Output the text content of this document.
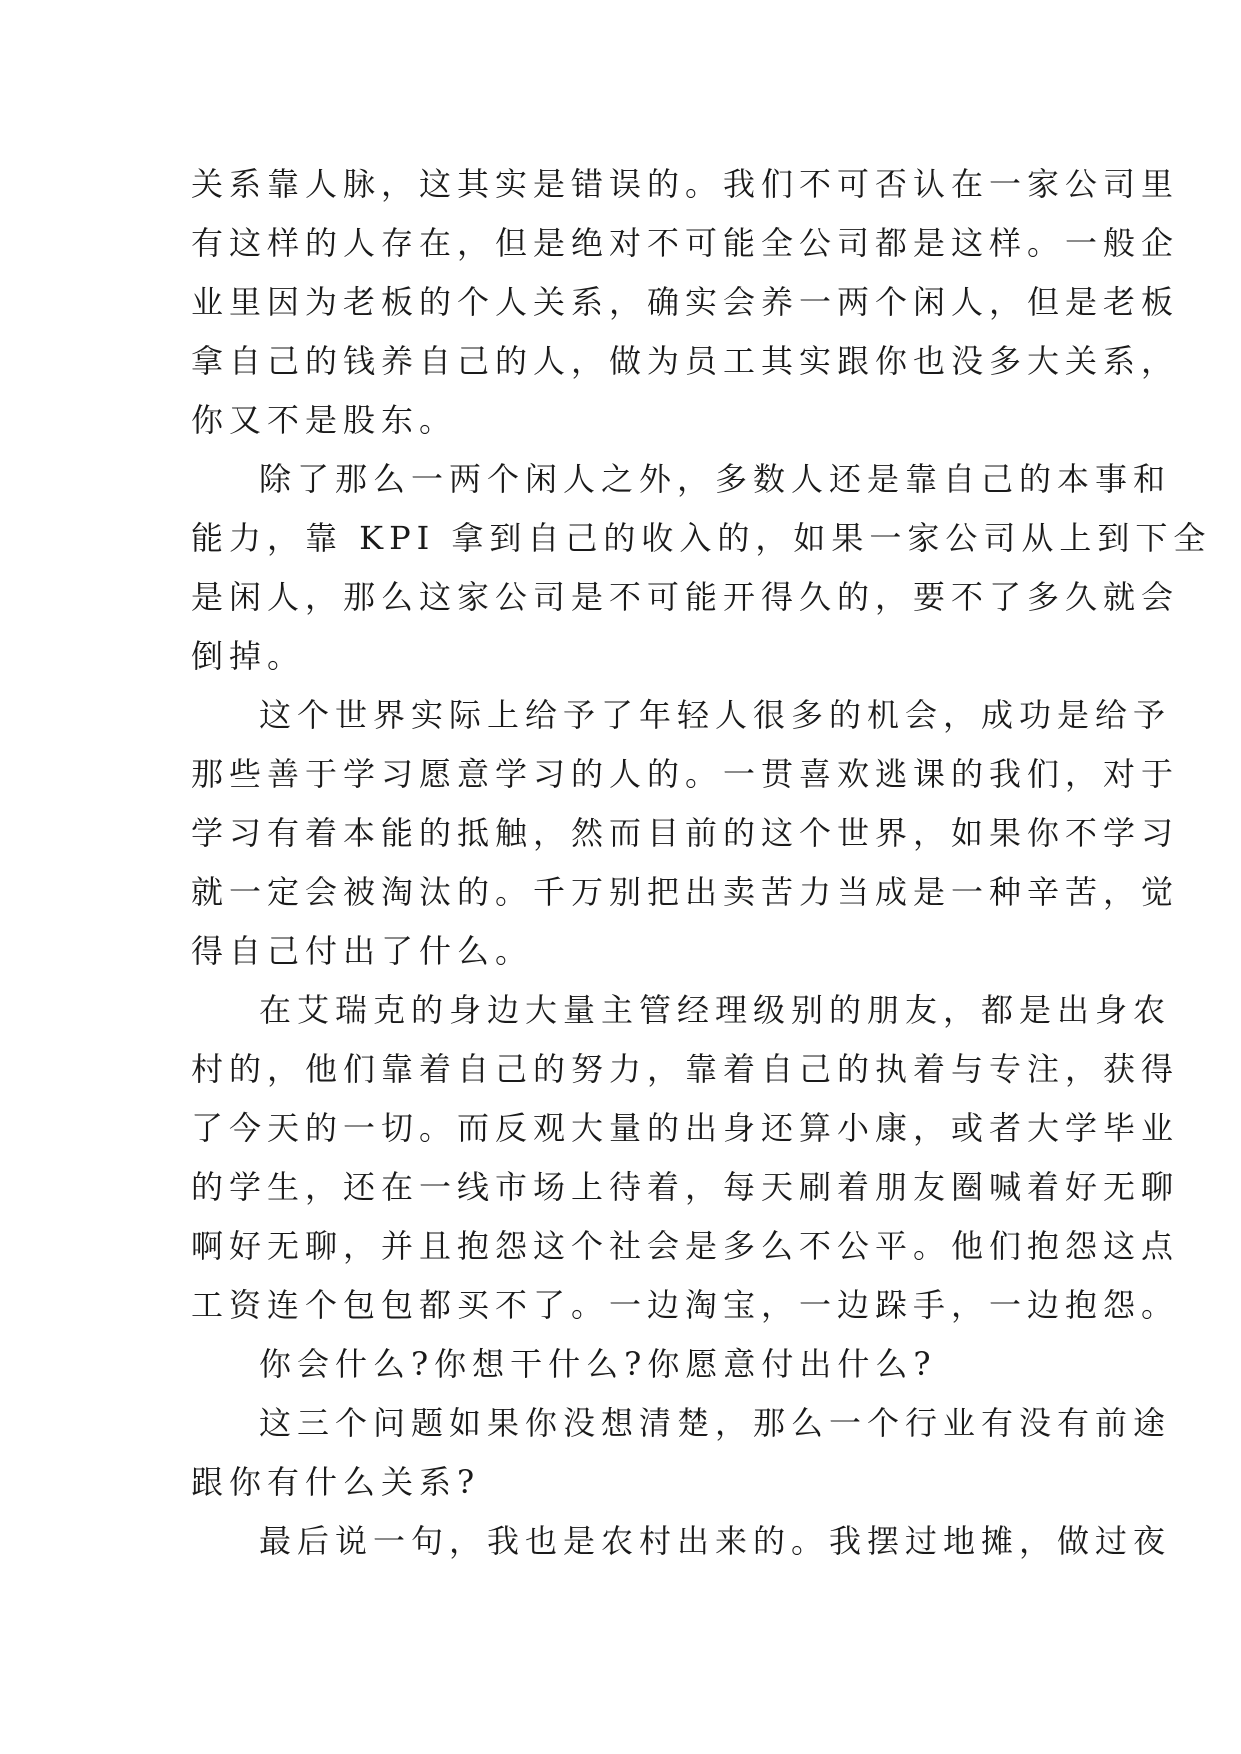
关系靠人脉，这其实是错误的。我们不可否认在一家公司里
有这样的人存在，但是绝对不可能全公司都是这样。一般企
业里因为老板的个人关系，确实会养一两个闲人，但是老板
拿自己的钱养自己的人，做为员工其实跟你也没多大关系，
你又不是股东。
除了那么一两个闲人之外，多数人还是靠自己的本事和
能力，靠 KPI 拿到自己的收入的，如果一家公司从上到下全
是闲人，那么这家公司是不可能开得久的，要不了多久就会
倒掉。
这个世界实际上给予了年轻人很多的机会，成功是给予
那些善于学习愿意学习的人的。一贯喜欢逃课的我们，对于
学习有着本能的抵触，然而目前的这个世界，如果你不学习
就一定会被淘汰的。千万别把出卖苦力当成是一种辛苦，觉
得自己付出了什么。
在艾瑞克的身边大量主管经理级别的朋友，都是出身农
村的，他们靠着自己的努力，靠着自己的执着与专注，获得
了今天的一切。而反观大量的出身还算小康，或者大学毕业
的学生，还在一线市场上待着，每天刷着朋友圈喊着好无聊
啊好无聊，并且抱怨这个社会是多么不公平。他们抱怨这点
工资连个包包都买不了。一边淘宝，一边跺手，一边抱怨。
你会什么?你想干什么?你愿意付出什么?
这三个问题如果你没想清楚，那么一个行业有没有前途
跟你有什么关系?
最后说一句，我也是农村出来的。我摆过地摊，做过夜
